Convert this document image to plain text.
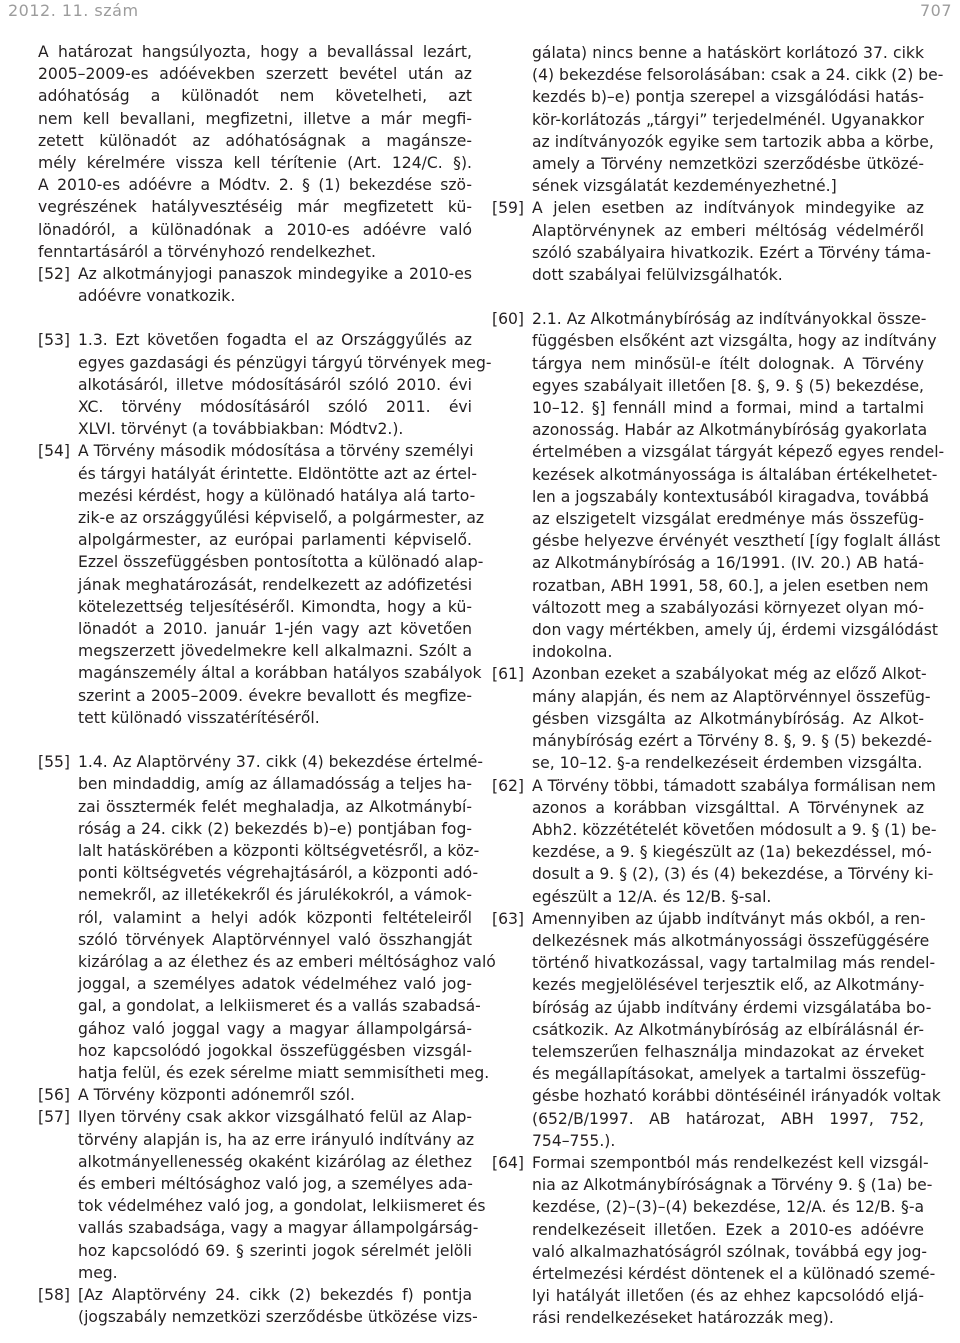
2012. 11. szám	707
A határozat hangsúlyozta, hogy a bevallással lezárt,
2005–2009-es adóévekben szerzett bevétel után az
adóhatóság a különadót nem követelheti, azt
nem kell bevallani, megfizetni, illetve a már megfi-
zetett különadót az adóhatóságnak a magánsze-
mély kérelmére vissza kell térítenie (Art. 124/C. §).
A 2010-es adóévre a Módtv. 2. § (1) bekezdése szö-
vegrészének hatályvesztéséig már megfizetett kü-
lönadóról, a különadónak a 2010-es adóévre való
fenntartásáról a törvényhozó rendelkezhet.
[52] Az alkotmányjogi panaszok mindegyike a 2010-es
adóévre vonatkozik.
[53] 1.3. Ezt követően fogadta el az Országgyűlés az
egyes gazdasági és pénzügyi tárgyú törvények meg-
alkotásáról, illetve módosításáról szóló 2010. évi
XC. törvény módosításáról szóló 2011. évi
XLVI. törvényt (a továbbiakban: Módtv2.).
[54] A Törvény második módosítása a törvény személyi
és tárgyi hatályát érintette. Eldöntötte azt az értel-
mezési kérdést, hogy a különadó hatálya alá tarto-
zik-e az országgyűlési képviselő, a polgármester, az
alpolgármester, az európai parlamenti képviselő.
Ezzel összefüggésben pontosította a különadó alap-
jának meghatározását, rendelkezett az adófizetési
kötelezettség teljesítéséről. Kimondta, hogy a kü-
lönadót a 2010. január 1-jén vagy azt követően
megszerzett jövedelmekre kell alkalmazni. Szólt a
magánszemély által a korábban hatályos szabályok
szerint a 2005–2009. évekre bevallott és megfize-
tett különadó visszatérítéséről.
[55] 1.4. Az Alaptörvény 37. cikk (4) bekezdése értelmé-
ben mindaddig, amíg az államadósság a teljes ha-
zai össztermék felét meghaladja, az Alkotmánybí-
róság a 24. cikk (2) bekezdés b)–e) pontjában fog-
lalt hatáskörében a központi költségvetésről, a köz-
ponti költségvetés végrehajtásáról, a központi adó-
nemekről, az illetékekről és járulékokról, a vámok-
ról, valamint a helyi adók központi feltételeiről
szóló törvények Alaptörvénnyel való összhangját
kizárólag a az élethez és az emberi méltósághoz való
joggal, a személyes adatok védelméhez való jog-
gal, a gondolat, a lelkiismeret és a vallás szabadsá-
gához való joggal vagy a magyar állampolgársá-
hoz kapcsolódó jogokkal összefüggésben vizsgál-
hatja felül, és ezek sérelme miatt semmisítheti meg.
[56] A Törvény központi adónemről szól.
[57] Ilyen törvény csak akkor vizsgálható felül az Alap-
törvény alapján is, ha az erre irányuló indítvány az
alkotmányellenesség okaként kizárólag az élethez
és emberi méltósághoz való jog, a személyes ada-
tok védelméhez való jog, a gondolat, lelkiismeret és
vallás szabadsága, vagy a magyar állampolgárság-
hoz kapcsolódó 69. § szerinti jogok sérelmét jelöli
meg.
[58] [Az Alaptörvény 24. cikk (2) bekezdés f) pontja
(jogszabály nemzetközi szerződésbe ütközése vizs-
gálata) nincs benne a hatáskört korlátozó 37. cikk
(4) bekezdése felsorolásában: csak a 24. cikk (2) be-
kezdés b)–e) pontja szerepel a vizsgálódási hatás-
kör-korlátozás „tárgyi” terjedelménél. Ugyanakkor
az indítványozók egyike sem tartozik abba a körbe,
amely a Törvény nemzetközi szerződésbe ütközé-
sének vizsgálatát kezdeményezhetné.]
[59] A jelen esetben az indítványok mindegyike az
Alaptörvénynek az emberi méltóság védelméről
szóló szabályaira hivatkozik. Ezért a Törvény táma-
dott szabályai felülvizsgálhatók.
[60] 2.1. Az Alkotmánybíróság az indítványokkal össze-
függésben elsőként azt vizsgálta, hogy az indítvány
tárgya nem minősül-e ítélt dolognak. A Törvény
egyes szabályait illetően [8. §, 9. § (5) bekezdése,
10–12. §] fennáll mind a formai, mind a tartalmi
azonosság. Habár az Alkotmánybíróság gyakorlata
értelmében a vizsgálat tárgyát képező egyes rendel-
kezések alkotmányossága is általában értékelhetet-
len a jogszabály kontextusából kiragadva, továbbá
az elszigetelt vizsgálat eredménye más összefüg-
gésbe helyezve érvényét veszthetí [így foglalt állást
az Alkotmánybíróság a 16/1991. (IV. 20.) AB hatá-
rozatban, ABH 1991, 58, 60.], a jelen esetben nem
változott meg a szabályozási környezet olyan mó-
don vagy mértékben, amely új, érdemi vizsgálódást
indokolna.
[61] Azonban ezeket a szabályokat még az előző Alkot-
mány alapján, és nem az Alaptörvénnyel összefüg-
gésben vizsgálta az Alkotmánybíróság. Az Alkot-
mánybíróság ezért a Törvény 8. §, 9. § (5) bekezdé-
se, 10–12. §-a rendelkezéseit érdemben vizsgálta.
[62] A Törvény többi, támadott szabálya formálisan nem
azonos a korábban vizsgálttal. A Törvénynek az
Abh2. közzétételét követően módosult a 9. § (1) be-
kezdése, a 9. § kiegészült az (1a) bekezdéssel, mó-
dosult a 9. § (2), (3) és (4) bekezdése, a Törvény ki-
egészült a 12/A. és 12/B. §-sal.
[63] Amennyiben az újabb indítványt más okból, a ren-
delkezésnek más alkotmányossági összefüggésére
történő hivatkozással, vagy tartalmilag más rendel-
kezés megjelölésével terjesztik elő, az Alkotmány-
bíróság az újabb indítvány érdemi vizsgálatába bo-
csátkozik. Az Alkotmánybíróság az elbírálásnál ér-
telemszerűen felhasználja mindazokat az érveket
és megállapításokat, amelyek a tartalmi összefüg-
gésbe hozható korábbi döntéséinél irányadók voltak
(652/B/1997. AB határozat, ABH 1997, 752,
754–755.).
[64] Formai szempontból más rendelkezést kell vizsgál-
nia az Alkotmánybíróságnak a Törvény 9. § (1a) be-
kezdése, (2)–(3)–(4) bekezdése, 12/A. és 12/B. §-a
rendelkezéseit illetően. Ezek a 2010-es adóévre
való alkalmazhatóságról szólnak, továbbá egy jog-
értelmezési kérdést döntenek el a különadó szemé-
lyi hatályát illetően (és az ehhez kapcsolódó eljá-
rási rendelkezéseket határozzák meg).
